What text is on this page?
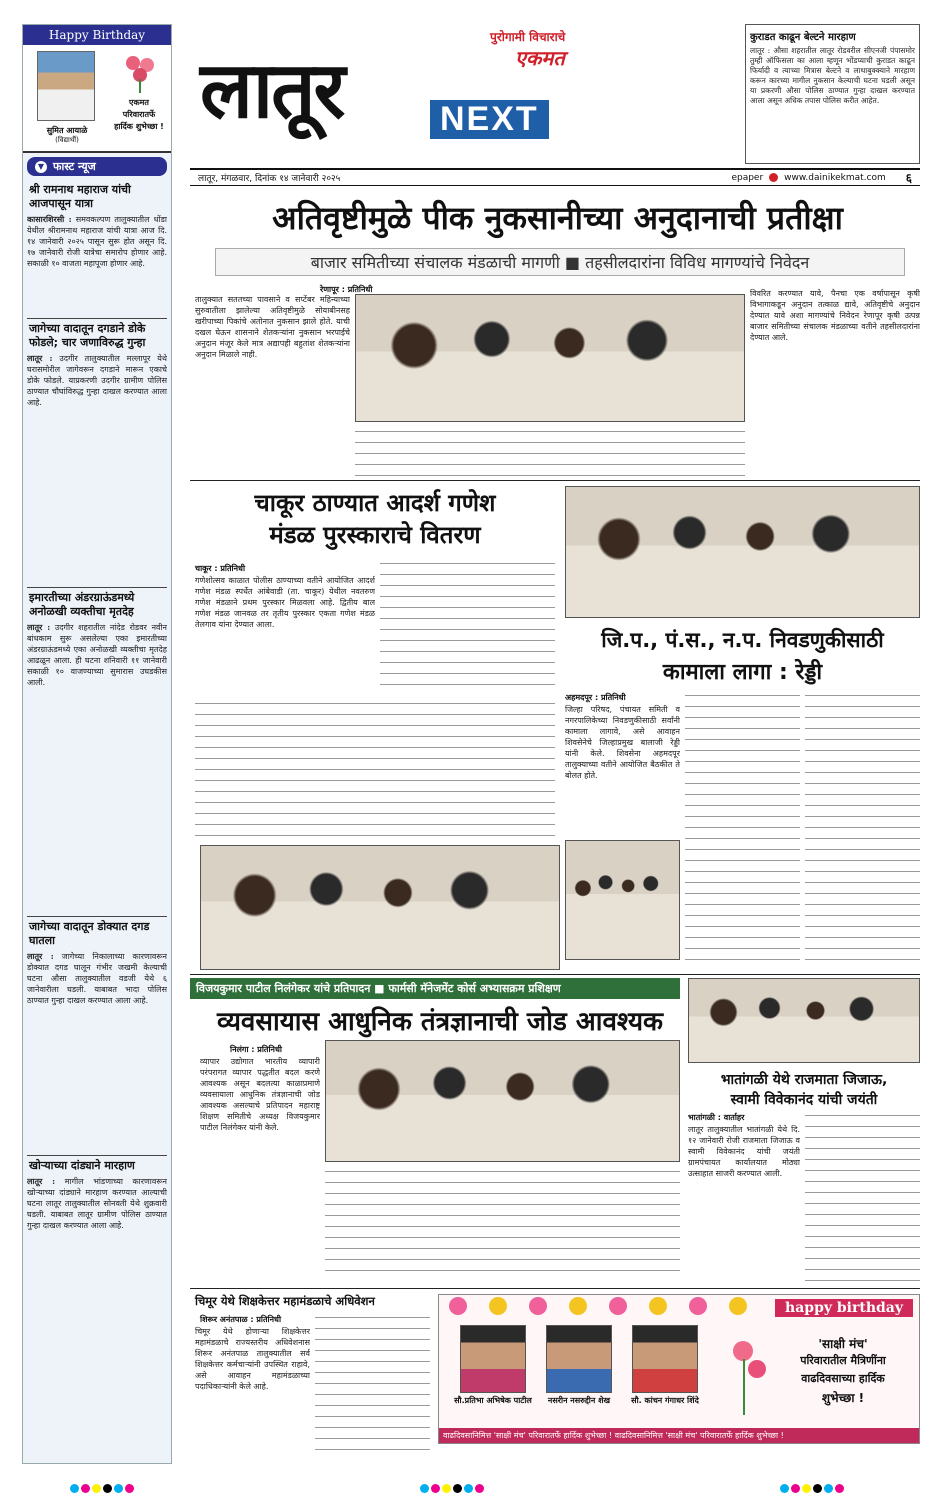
Happy Birthday
सुमित आयाळे
(विद्यार्थी)
एकमत
परिवारातर्फे
हार्दिक शुभेच्छा !
▼ फास्ट न्यूज
श्री रामनाथ महाराज यांची आजपासून यात्रा
कासारशिरसी : समवकल्पण तालुक्यातील धोंडा येथील श्रीरामनाथ महाराज यांची यात्रा आज दि. १४ जानेवारी २०२५ पासून सुरू होत असून दि. १७ जानेवारी रोजी यात्रेचा समारोप होणार आहे. सकाळी १० वाजता महापूजा होणार आहे.
जागेच्या वादातून दगडाने डोके फोडले; चार जणाविरुद्ध गुन्हा
लातूर : उदगीर तालुक्यातील मल्लापूर येथे घरासमोरील जागेवरून दगडाने मारून एकाचे डोके फोडले. याप्रकरणी उदगीर ग्रामीण पोलिस ठाण्यात चौघांविरुद्ध गुन्हा दाखल करण्यात आला आहे.
इमारतीच्या अंडरग्राऊंडमध्ये अनोळखी व्यक्तीचा मृतदेह
लातूर : उदगीर शहरातील नांदेड रोडवर नवीन बांधकाम सुरू असलेल्या एका इमारतीच्या अंडरग्राऊंडमध्ये एका अनोळखी व्यक्तीचा मृतदेह आढळून आला. ही घटना शनिवारी ११ जानेवारी सकाळी १० वाजण्याच्या सुमारास उघडकीस आली.
जागेच्या वादातून डोक्यात दगड घातला
लातूर : जागेच्या निकालाच्या कारणावरून डोक्यात दगड घालून गंभीर जखमी केल्याची घटना औसा तालुक्यातील वडजी येथे ६ जानेवारीला घडली. याबाबत भादा पोलिस ठाण्यात गुन्हा दाखल करण्यात आला आहे.
खोऱ्याच्या दांड्याने मारहाण
लातूर : मागील भांडणाच्या कारणावरून खोऱ्याच्या दांड्याने मारहाण करण्यात आल्याची घटना लातूर तालुक्यातील सोनवती येथे शुक्रवारी घडली. याबाबत लातूर ग्रामीण पोलिस ठाण्यात गुन्हा दाखल करण्यात आला आहे.
लातूर
पुरोगामी विचाराचे
एकमत
NEXT
लातूर, मंगळवार, दिनांक १४ जानेवारी २०२५	epaper www.dainikekmat.com ६
कुराडत काढून बेल्टने मारहाण
लातूर : औसा शहरातील लातूर रोडवरील सीएनजी पंपासमोर तुम्ही ऑफिसला का आला म्हणून भोंडप्याची कुराडत काढून फिर्यादी व त्याच्या मित्रास बेल्टने व लाथाबुक्क्याने मारहाण करून कारच्या मागील नुकसान केल्याची घटना घडली असून या प्रकरणी औसा पोलिस ठाण्यात गुन्हा दाखल करण्यात आला असून अधिक तपास पोलिस करीत आहेत.
अतिवृष्टीमुळे पीक नुकसानीच्या अनुदानाची प्रतीक्षा
बाजार समितीच्या संचालक मंडळाची मागणी ■ तहसीलदारांना विविध मागण्यांचे निवेदन
रेणापूर : प्रतिनिधी
तालुक्यात सततच्या पावसाने व सप्टेंबर महिन्याच्या सुरुवातीला झालेल्या अतिवृष्टीमुळे सोयाबीनसह खरीपाच्या पिकांचे अतोनात नुकसान झाले होते. याची दखल घेऊन शासनाने शेतकऱ्यांना नुकसान भरपाईचे अनुदान मंजूर केले मात्र अद्यापही बहुतांश शेतकऱ्यांना अनुदान मिळाले नाही.
विवरित करण्यात यावे, पैनचा एक वर्षापासून कृषी विभागाकडून अनुदान तत्काळ द्यावे, अतिवृष्टीचे अनुदान देण्यात यावे अशा मागण्यांचे निवेदन रेणापूर कृषी उत्पन्न बाजार समितीच्या संचालक मंडळाच्या वतीने तहसीलदारांना देण्यात आले.
चाकूर ठाण्यात आदर्श गणेश
मंडळ पुरस्काराचे वितरण
चाकूर : प्रतिनिधी
गणेशोत्सव काळात पोलीस ठाण्याच्या वतीने आयोजित आदर्श गणेश मंडळ स्पर्धेत आंबेवाडी (ता. चाकूर) येथील नवतरुण गणेश मंडळाने प्रथम पुरस्कार मिळवला आहे. द्वितीय बाल गणेश मंडळ जानवळ तर तृतीय पुरस्कार एकता गणेश मंडळ तेलगाव यांना देण्यात आला.
जि.प., पं.स., न.प. निवडणुकीसाठी
कामाला लागा : रेड्डी
अहमदपूर : प्रतिनिधी
जिल्हा परिषद, पंचायत समिती व नगरपालिकेच्या निवडणुकीसाठी सर्वांनी कामाला लागावे, असे आवाहन शिवसेनेचे जिल्हाप्रमुख बालाजी रेड्डी यांनी केले. शिवसेना अहमदपूर तालुक्याच्या वतीने आयोजित बैठकीत ते बोलत होते.
विजयकुमार पाटील निलंगेकर यांचे प्रतिपादन ■ फार्मसी मॅनेजमेंट कोर्स अभ्यासक्रम प्रशिक्षण
व्यवसायास आधुनिक तंत्रज्ञानाची जोड आवश्यक
निलंगा : प्रतिनिधी
व्यापार उद्योगात भारतीय व्यापारी परंपरागत व्यापार पद्धतीत बदल करणे आवश्यक असून बदलत्या काळाप्रमाणे व्यवसायाला आधुनिक तंत्रज्ञानाची जोड आवश्यक असल्याचे प्रतिपादन महाराष्ट्र शिक्षण समितीचे अध्यक्ष विजयकुमार पाटील निलंगेकर यांनी केले.
भातांगळी येथे राजमाता जिजाऊ,
स्वामी विवेकानंद यांची जयंती
भातांगळी : वार्ताहर
लातूर तालुक्यातील भातांगळी येथे दि. १२ जानेवारी रोजी राजमाता जिजाऊ व स्वामी विवेकानंद यांची जयंती ग्रामपंचायत कार्यालयात मोठ्या उत्साहात साजरी करण्यात आली.
चिमूर येथे शिक्षकेत्तर महामंडळाचे अधिवेशन
शिरूर अनंतपाळ : प्रतिनिधी
चिमूर येथे होणाऱ्या शिक्षकेत्तर महामंडळाचे राज्यस्तरीय अधिवेशनास शिरूर अनंतपाळ तालुक्यातील सर्व शिक्षकेत्तर कर्मचाऱ्यांनी उपस्थित राहावे, असे आवाहन महामंडळाच्या पदाधिकाऱ्यांनी केले आहे.
happy birthday
सौ.प्रतिभा अभिषेक पाटील	नसरीन नसरुद्दीन शेख	सौ. कांचन गंगाधर शिंदे
'साक्षी मंच'
परिवारातील मैत्रिणींना
वाढदिवसाच्या हार्दिक
शुभेच्छा !
वाढदिवसानिमित्त 'साक्षी मंच' परिवारातर्फे हार्दिक शुभेच्छा ! वाढदिवसानिमित्त 'साक्षी मंच' परिवारातर्फे हार्दिक शुभेच्छा !
